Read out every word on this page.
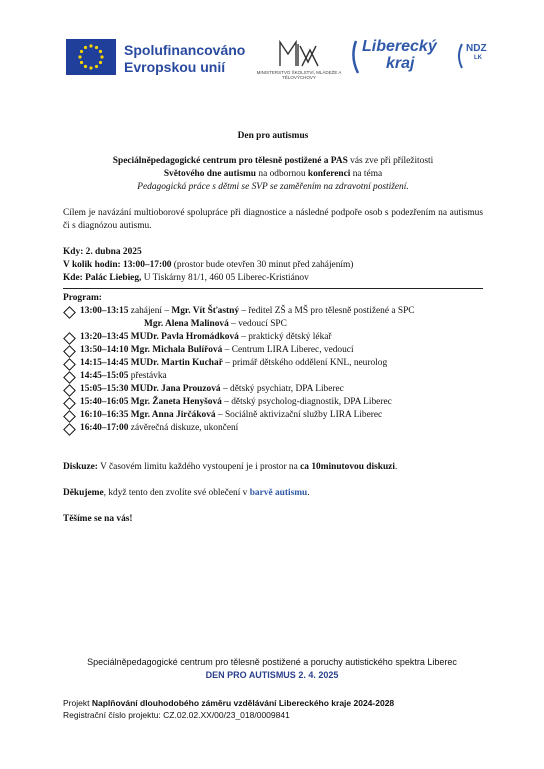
Spolufinancováno
Evropskou unií	MINISTERSTVO ŠKOLSTVÍ, MLÁDEŽE A TĚLOVÝCHOVY
Liberecký
kraj
NDZ
LK

Den pro autismus

Speciálněpedagogické centrum pro tělesně postižené a PAS vás zve při příležitosti

Světového dne autismu na odbornou konferenci na téma

Pedagogická práce s dětmi se SVP se zaměřením na zdravotní postižení.

Cílem je navázání multioborové spolupráce při diagnostice a následné podpoře osob s podezřením na autismus či s diagnózou autismu.

Kdy: 2. dubna 2025

V kolik hodin: 13:00–17:00 (prostor bude otevřen 30 minut před zahájením)

Kde: Palác Liebieg, U Tiskárny 81/1, 460 05 Liberec-Kristiánov

Program:

13:00–13:15 zahájení – Mgr. Vít Šťastný – ředitel ZŠ a MŠ pro tělesně postižené a SPC
Mgr. Alena Malinová – vedoucí SPC
13:20–13:45 MUDr. Pavla Hromádková – praktický dětský lékař
13:50–14:10 Mgr. Michala Bulířová – Centrum LIRA Liberec, vedoucí
14:15–14:45 MUDr. Martin Kuchař – primář dětského oddělení KNL, neurolog
14:45–15:05 přestávka
15:05–15:30 MUDr. Jana Prouzová – dětský psychiatr, DPA Liberec
15:40–16:05 Mgr. Žaneta Henyšová – dětský psycholog-diagnostik, DPA Liberec
16:10–16:35 Mgr. Anna Jirčáková – Sociálně aktivizační služby LIRA Liberec
16:40–17:00 závěrečná diskuze, ukončení

Diskuze: V časovém limitu každého vystoupení je i prostor na ca 10minutovou diskuzi.

Děkujeme, když tento den zvolíte své oblečení v barvě autismu.

Těšíme se na vás!

Speciálněpedagogické centrum pro tělesně postižené a poruchy autistického spektra Liberec
DEN PRO AUTISMUS 2. 4. 2025
Projekt Naplňování dlouhodobého záměru vzdělávání Libereckého kraje 2024-2028
Registrační číslo projektu: CZ.02.02.XX/00/23_018/0009841
